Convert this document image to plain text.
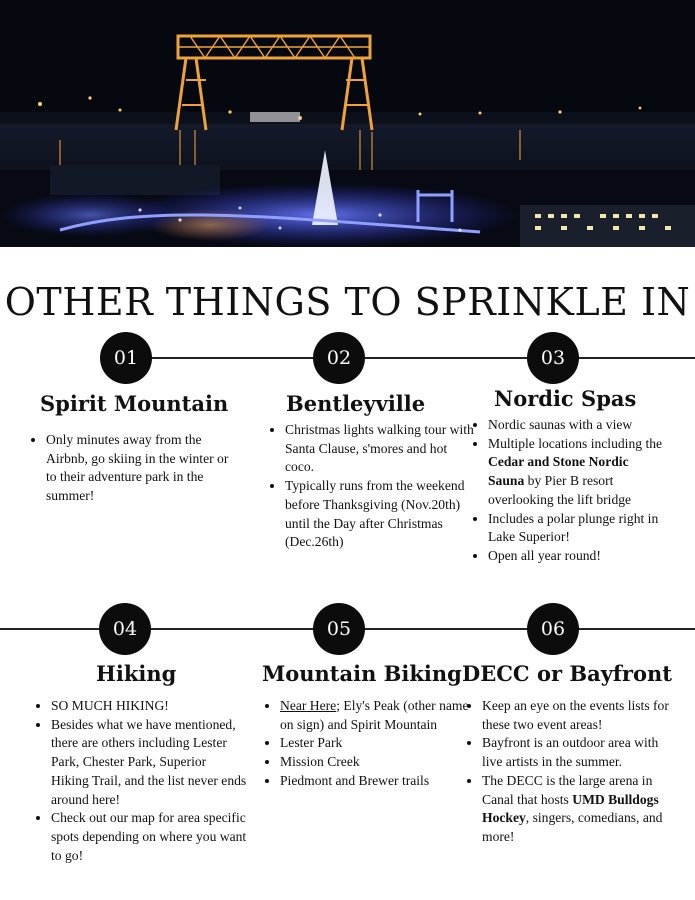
OTHER THINGS TO SPRINKLE IN
01	02	03
04	05	06
Spirit Mountain	Bentleyville	Nordic Spas
Hiking	Mountain Biking DECC or Bayfront
• Only minutes away from the Airbnb, go skiing in the winter or to their adventure park in the summer!
• Christmas lights walking tour with Santa Clause, s'mores and hot coco.
• Typically runs from the weekend before Thanksgiving (Nov.20th) until the Day after Christmas (Dec.26th)
• Nordic saunas with a view
• Multiple locations including the Cedar and Stone Nordic Sauna by Pier B resort overlooking the lift bridge
• Includes a polar plunge right in Lake Superior!
• Open all year round!
• SO MUCH HIKING!
• Besides what we have mentioned, there are others including Lester Park, Chester Park, Superior Hiking Trail, and the list never ends around here!
• Check out our map for area specific spots depending on where you want to go!
• Near Here; Ely's Peak (other name on sign) and Spirit Mountain
• Lester Park
• Mission Creek
• Piedmont and Brewer trails
• Keep an eye on the events lists for these two event areas!
• Bayfront is an outdoor area with live artists in the summer.
• The DECC is the large arena in Canal that hosts UMD Bulldogs Hockey, singers, comedians, and more!
